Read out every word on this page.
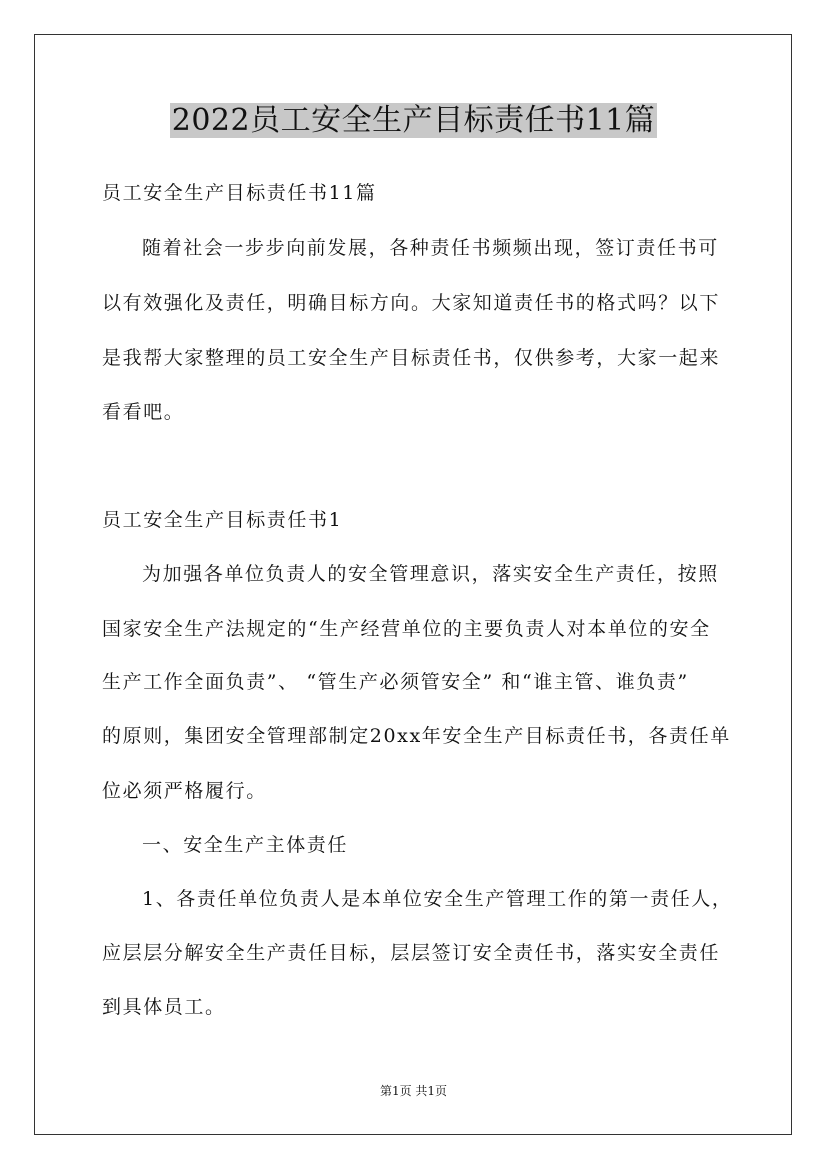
2022员工安全生产目标责任书11篇
员工安全生产目标责任书11篇
随着社会一步步向前发展，各种责任书频频出现，签订责任书可
以有效强化及责任，明确目标方向。大家知道责任书的格式吗？以下
是我帮大家整理的员工安全生产目标责任书，仅供参考，大家一起来
看看吧。
员工安全生产目标责任书1
为加强各单位负责人的安全管理意识，落实安全生产责任，按照
国家安全生产法规定的“生产经营单位的主要负责人对本单位的安全
生产工作全面负责”、 “管生产必须管安全” 和“谁主管、谁负责”
的原则，集团安全管理部制定20xx年安全生产目标责任书，各责任单
位必须严格履行。
一、安全生产主体责任
1、各责任单位负责人是本单位安全生产管理工作的第一责任人，
应层层分解安全生产责任目标，层层签订安全责任书，落实安全责任
到具体员工。
第1页 共1页
